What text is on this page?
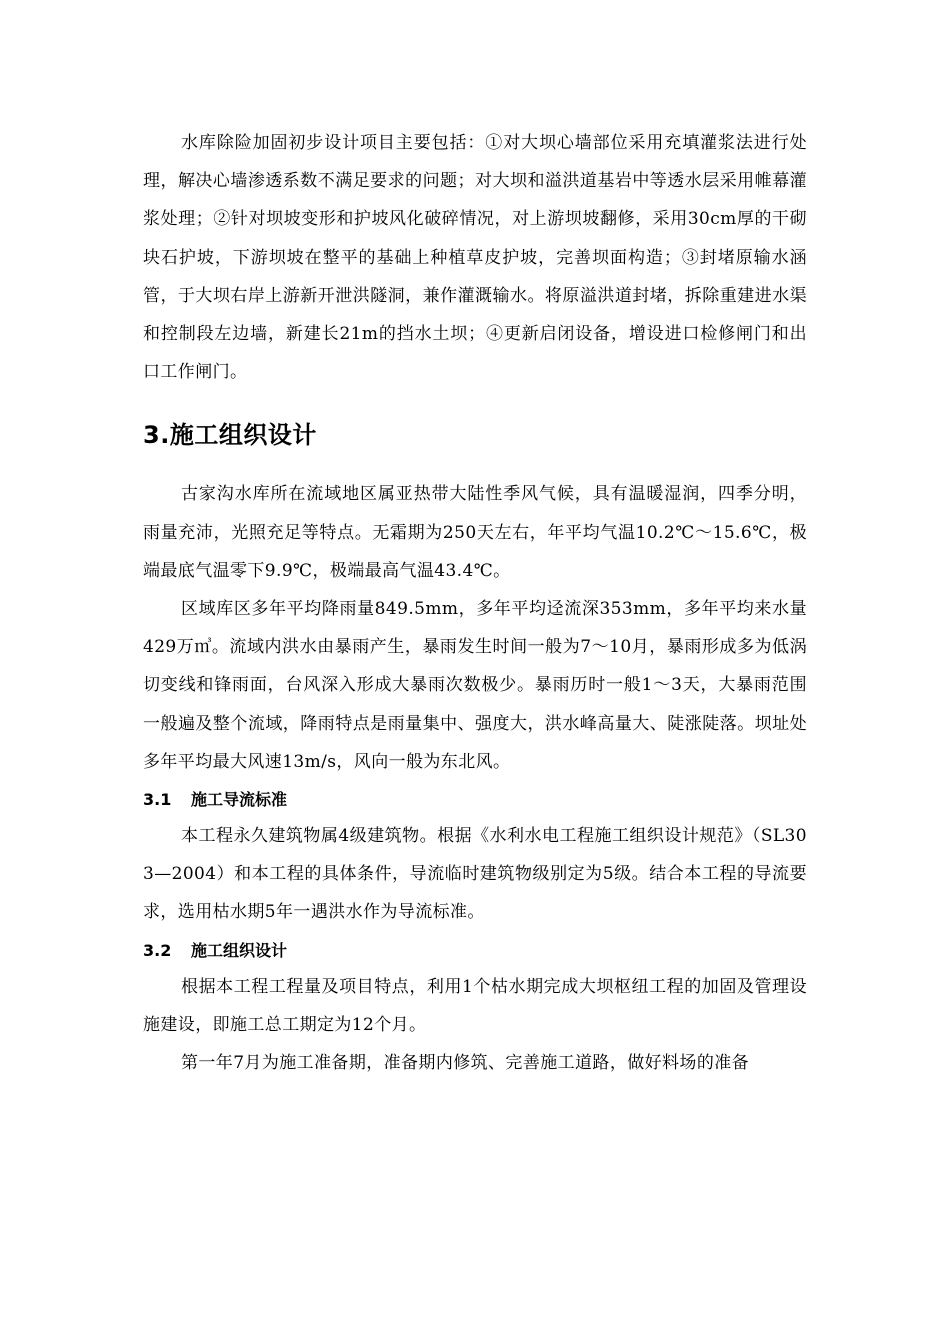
水库除险加固初步设计项目主要包括：①对大坝心墙部位采用充填灌浆法进行处理，解决心墙渗透系数不满足要求的问题；对大坝和溢洪道基岩中等透水层采用帷幕灌浆处理；②针对坝坡变形和护坡风化破碎情况，对上游坝坡翻修，采用30cm厚的干砌块石护坡，下游坝坡在整平的基础上种植草皮护坡，完善坝面构造；③封堵原输水涵管，于大坝右岸上游新开泄洪隧洞，兼作灌溉输水。将原溢洪道封堵，拆除重建进水渠和控制段左边墙，新建长21m的挡水土坝；④更新启闭设备，增设进口检修闸门和出口工作闸门。

3.施工组织设计

古家沟水库所在流域地区属亚热带大陆性季风气候，具有温暖湿润，四季分明，雨量充沛，光照充足等特点。无霜期为250天左右，年平均气温10.2℃～15.6℃，极端最底气温零下9.9℃，极端最高气温43.4℃。

区域库区多年平均降雨量849.5mm，多年平均迳流深353mm，多年平均来水量429万㎥。流域内洪水由暴雨产生，暴雨发生时间一般为7～10月，暴雨形成多为低涡切变线和锋雨面，台风深入形成大暴雨次数极少。暴雨历时一般1～3天，大暴雨范围一般遍及整个流域，降雨特点是雨量集中、强度大，洪水峰高量大、陡涨陡落。坝址处多年平均最大风速13m/s，风向一般为东北风。

3.1 施工导流标准

本工程永久建筑物属4级建筑物。根据《水利水电工程施工组织设计规范》（SL303—2004）和本工程的具体条件，导流临时建筑物级别定为5级。结合本工程的导流要求，选用枯水期5年一遇洪水作为导流标准。

3.2 施工组织设计

根据本工程工程量及项目特点，利用1个枯水期完成大坝枢纽工程的加固及管理设施建设，即施工总工期定为12个月。

第一年7月为施工准备期，准备期内修筑、完善施工道路，做好料场的准备
